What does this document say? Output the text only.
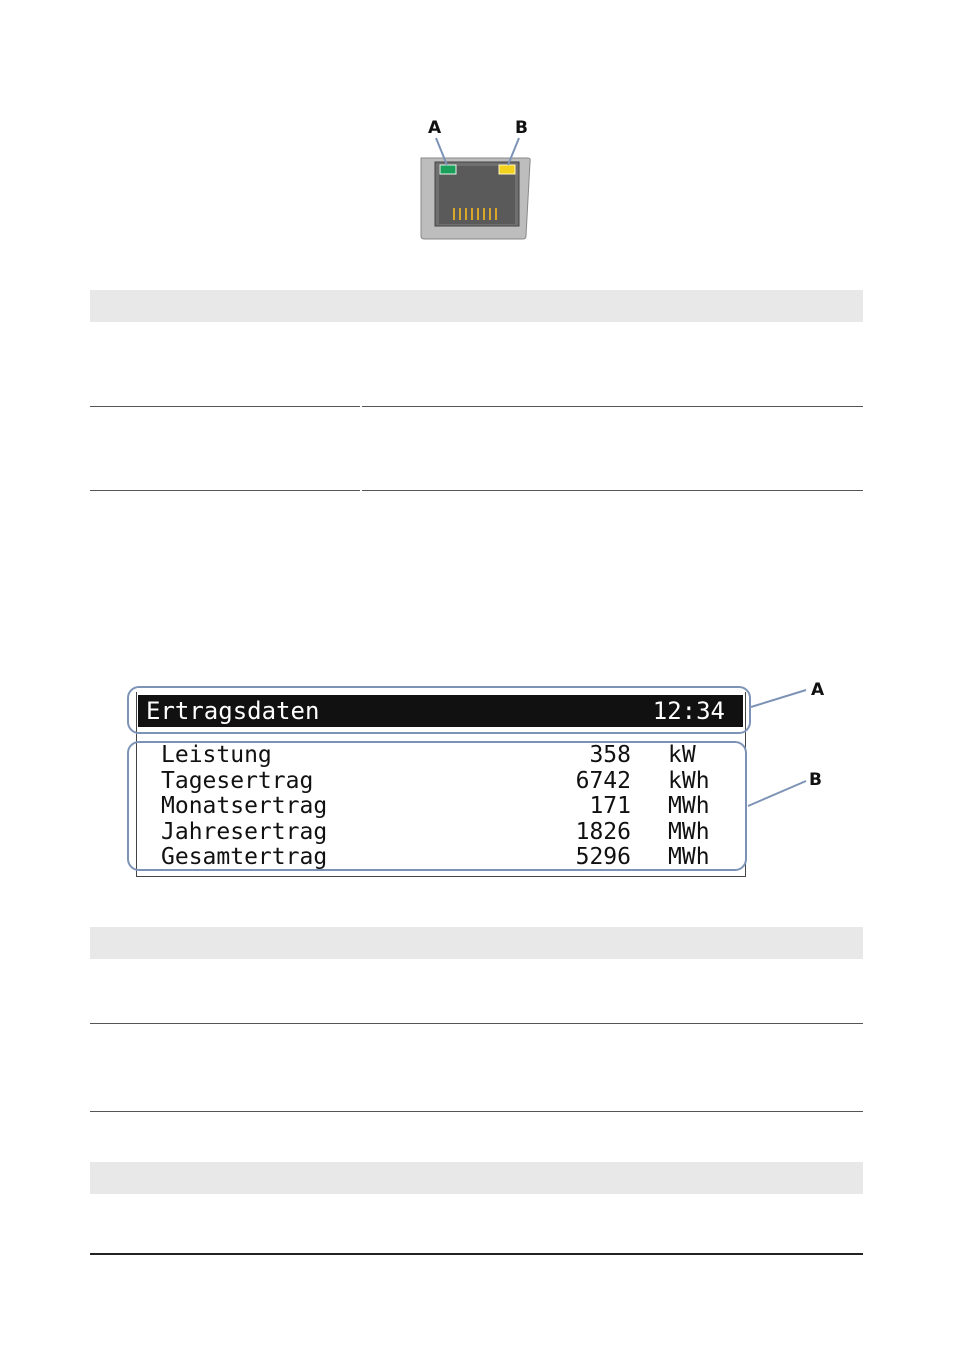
A	B
Ertragsdaten	12:34
Leistung	358 kW
Tagesertrag	6742 kWh
Monatsertrag	171 MWh
Jahresertrag	1826 MWh
Gesamtertrag	5296 MWh
A
B
